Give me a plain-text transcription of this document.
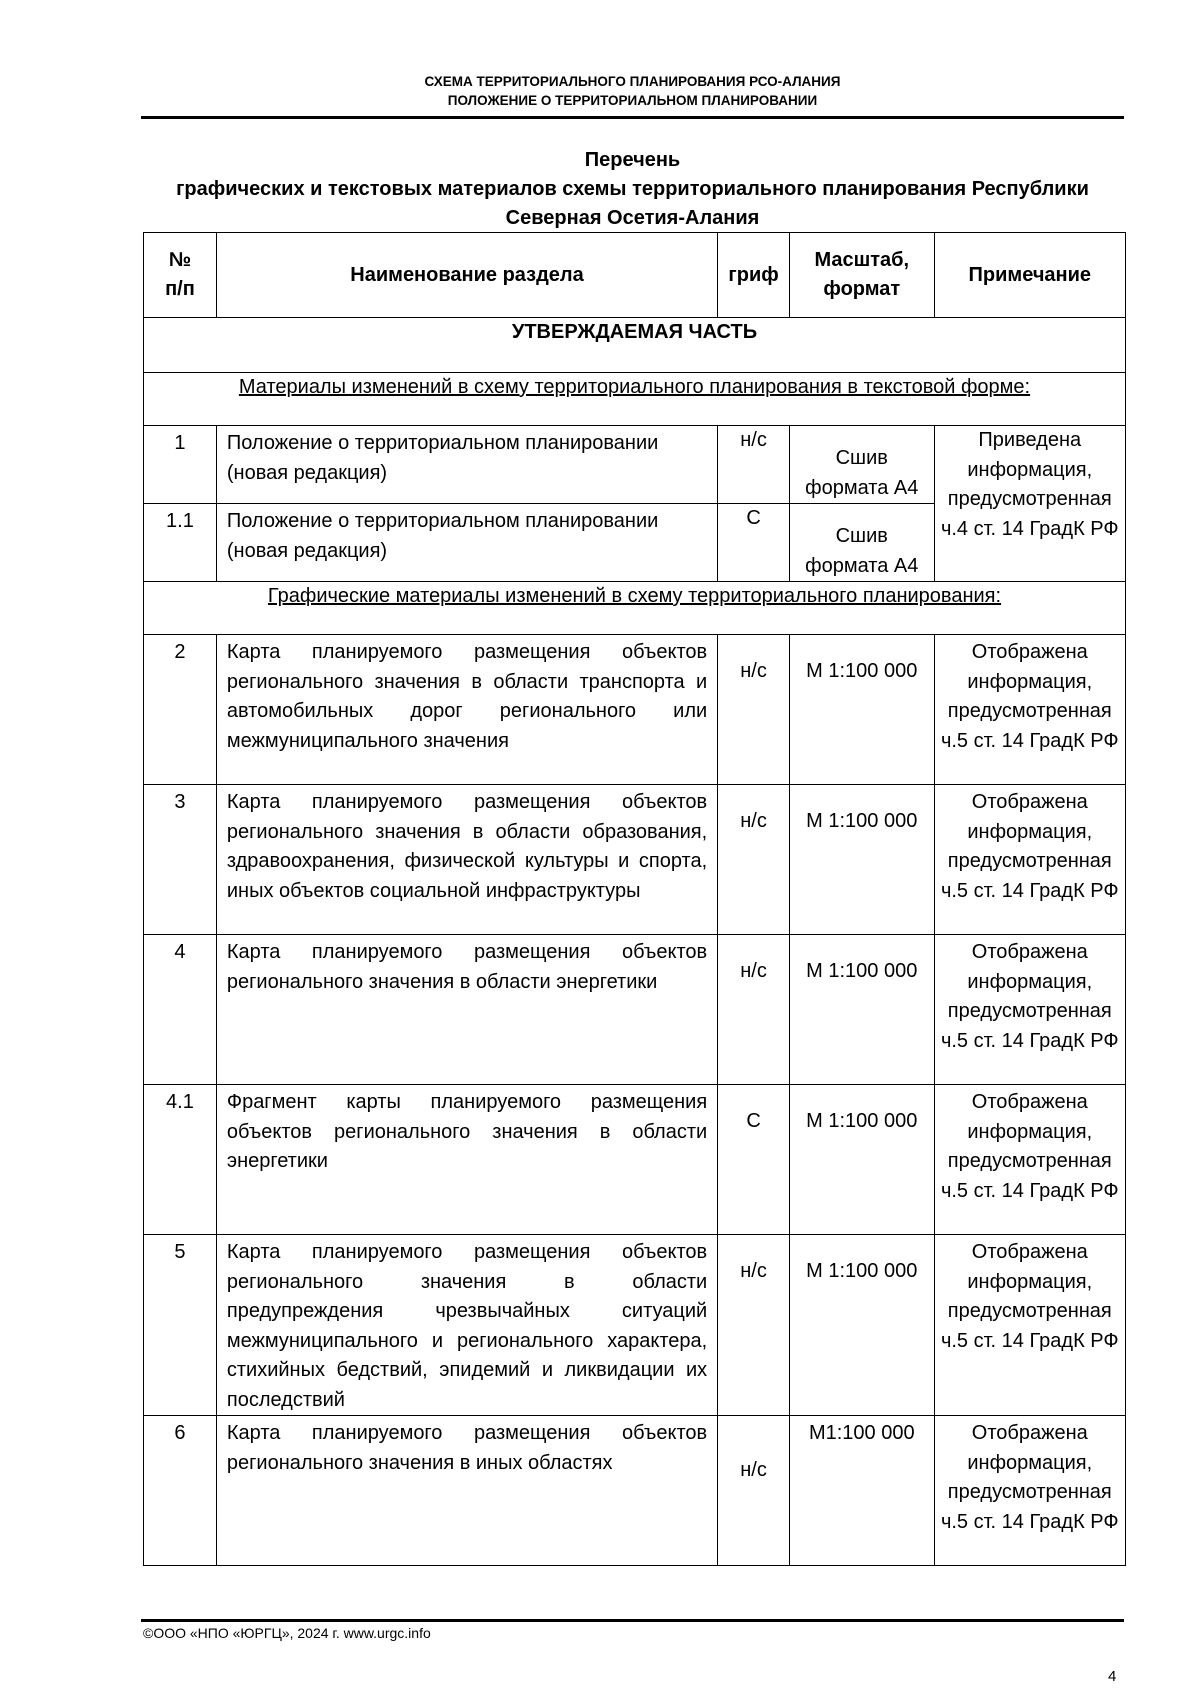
СХЕМА ТЕРРИТОРИАЛЬНОГО ПЛАНИРОВАНИЯ РСО-АЛАНИЯ
ПОЛОЖЕНИЕ О ТЕРРИТОРИАЛЬНОМ ПЛАНИРОВАНИИ
Перечень
графических и текстовых материалов схемы территориального планирования Республики
Северная Осетия-Алания
№ п/п	Наименование раздела	гриф	Масштаб, формат	Примечание
УТВЕРЖДАЕМАЯ ЧАСТЬ				
Материалы изменений в схему территориального планирования в текстовой форме:				
1	Положение о территориальном планировании (новая редакция)	н/с	Сшив формата А4	Приведена информация, предусмотренная ч.4 ст. 14 ГрадК РФ
1.1	Положение о территориальном планировании (новая редакция)	С	Сшив формата А4	
Графические материалы изменений в схему территориального планирования:				
2	Карта планируемого размещения объектов регионального значения в области транспорта и автомобильных дорог регионального или межмуниципального значения	н/с	М 1:100 000	Отображена информация, предусмотренная ч.5 ст. 14 ГрадК РФ
3	Карта планируемого размещения объектов регионального значения в области образования, здравоохранения, физической культуры и спорта, иных объектов социальной инфраструктуры	н/с	М 1:100 000	Отображена информация, предусмотренная ч.5 ст. 14 ГрадК РФ
4	Карта планируемого размещения объектов регионального значения в области энергетики	н/с	М 1:100 000	Отображена информация, предусмотренная ч.5 ст. 14 ГрадК РФ
4.1	Фрагмент карты планируемого размещения объектов регионального значения в области энергетики	С	М 1:100 000	Отображена информация, предусмотренная ч.5 ст. 14 ГрадК РФ
5	Карта планируемого размещения объектов регионального значения в области предупреждения чрезвычайных ситуаций межмуниципального и регионального характера, стихийных бедствий, эпидемий и ликвидации их последствий	н/с	М 1:100 000	Отображена информация, предусмотренная ч.5 ст. 14 ГрадК РФ
6	Карта планируемого размещения объектов регионального значения в иных областях	н/с	М1:100 000	Отображена информация, предусмотренная ч.5 ст. 14 ГрадК РФ
©ООО «НПО «ЮРГЦ», 2024 г. www.urgc.info
4
